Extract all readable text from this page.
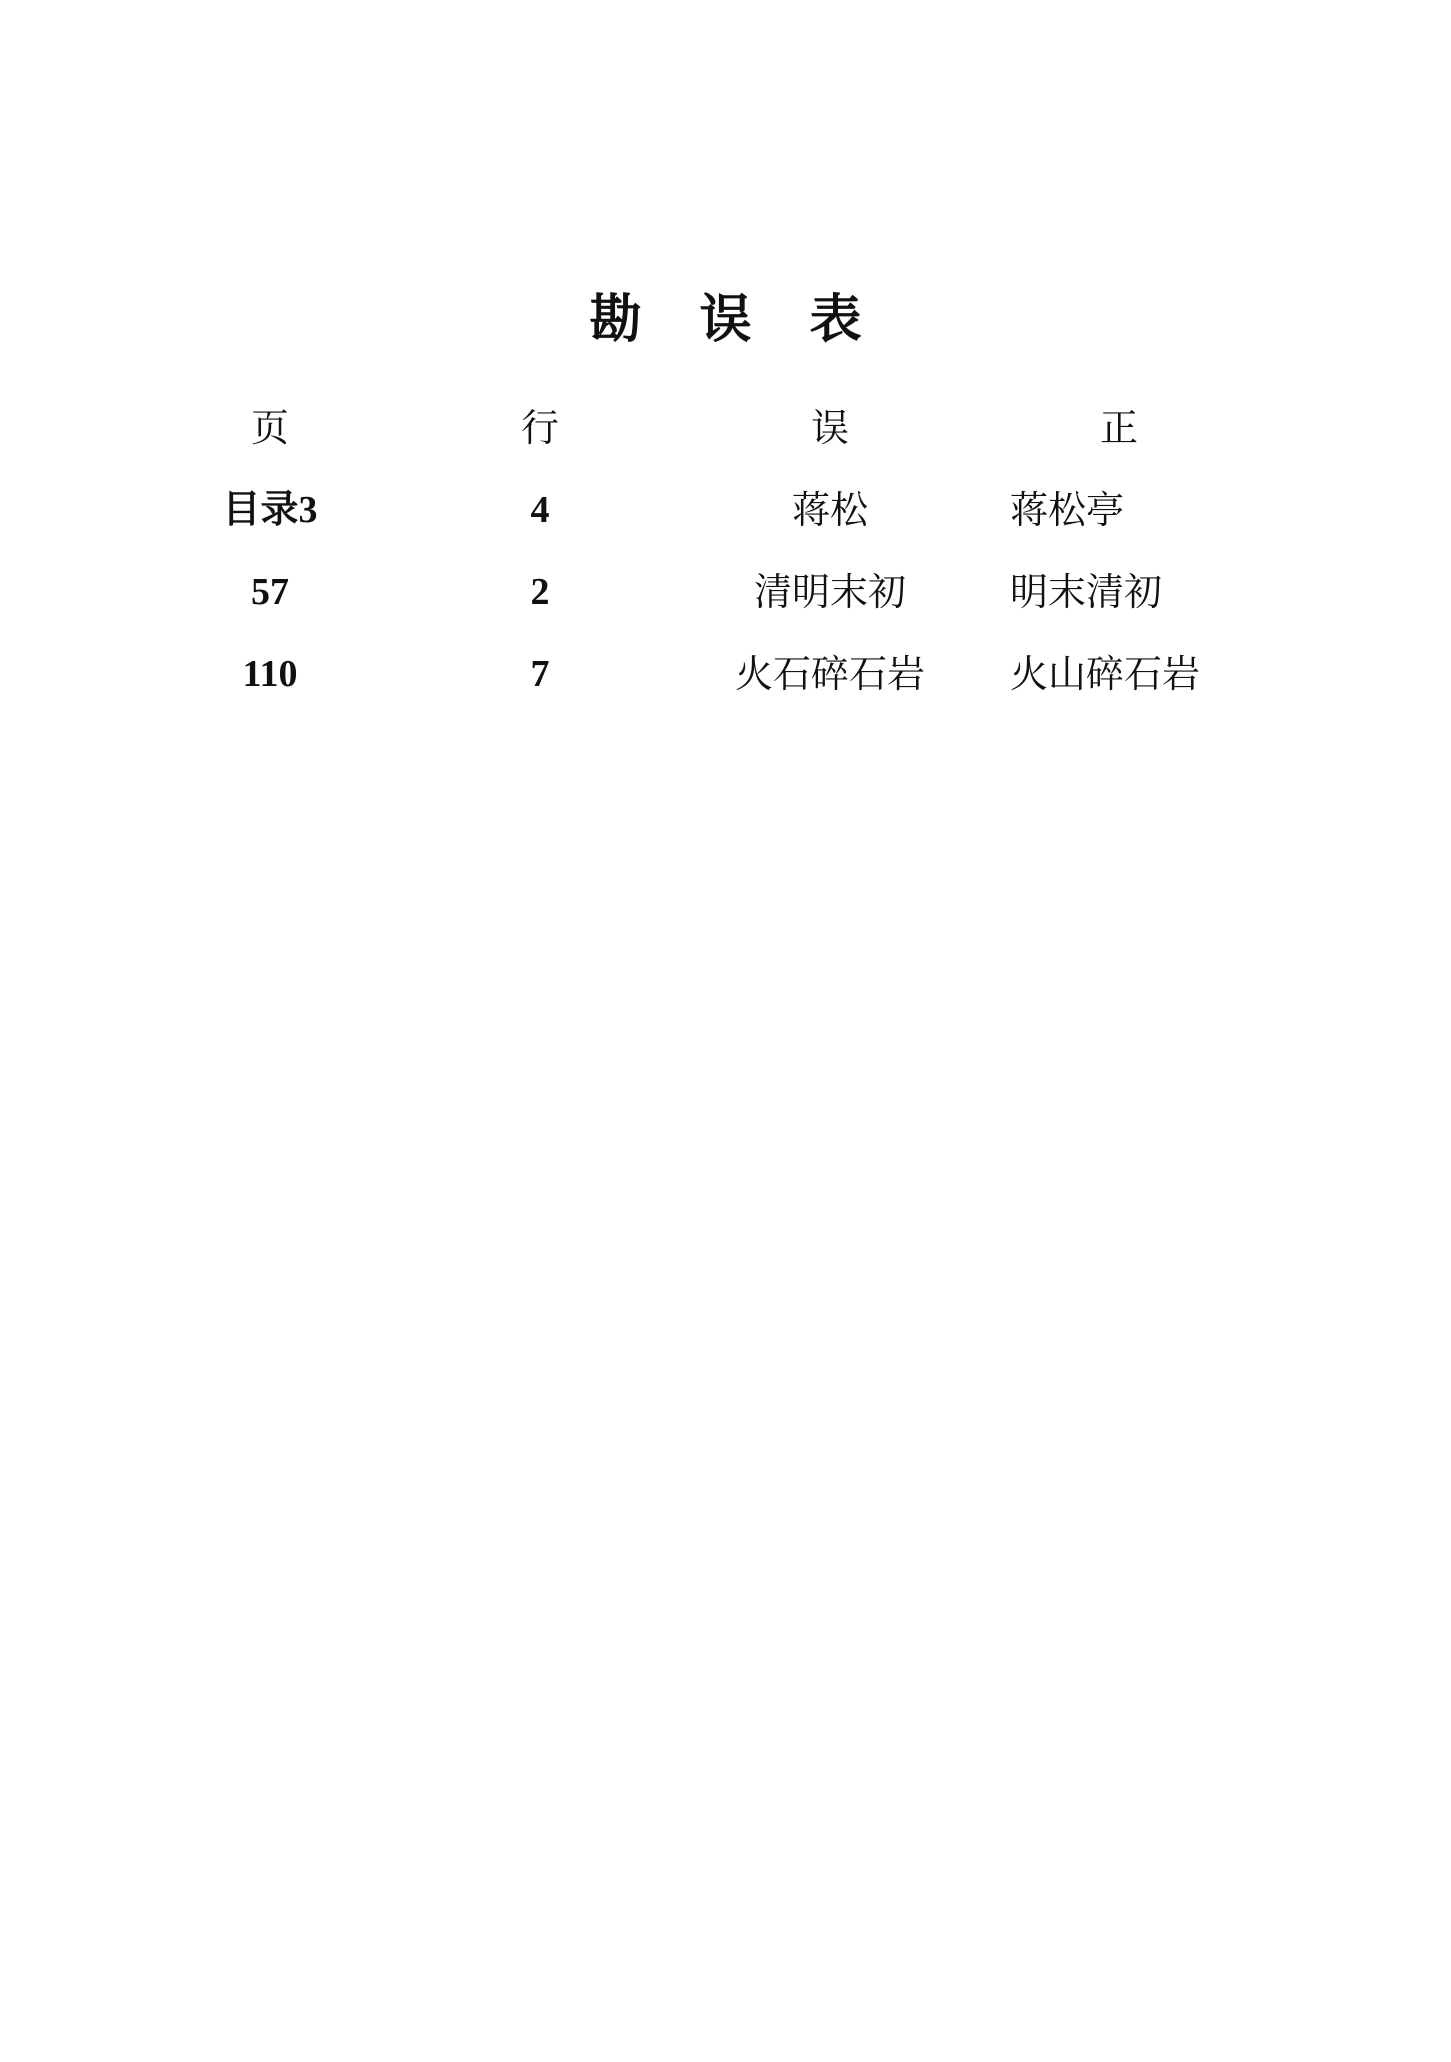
勘误表
页	行	误	正
目录3	4	蒋松	蒋松亭
57	2	清明末初	明末清初
110	7	火石碎石岩	火山碎石岩
